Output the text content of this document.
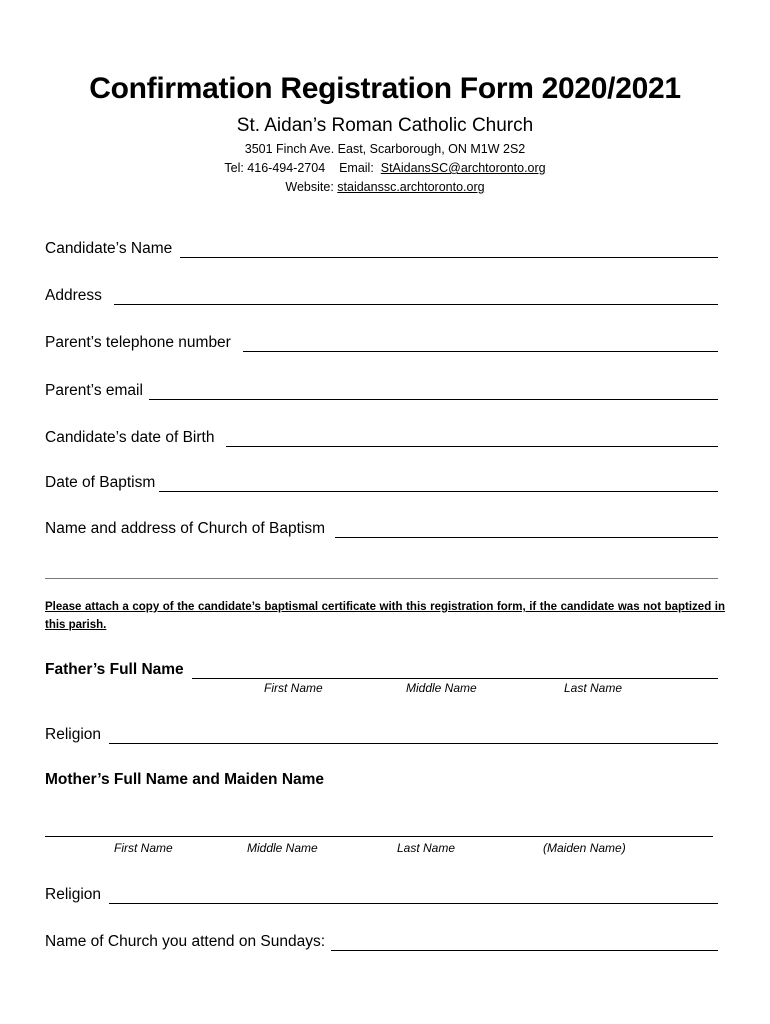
Confirmation Registration Form 2020/2021
St. Aidan’s Roman Catholic Church
3501 Finch Ave. East, Scarborough, ON M1W 2S2
Tel: 416-494-2704 Email: StAidansSC@archtoronto.org
Website: staidanssc.archtoronto.org
Candidate’s Name
Address
Parent’s telephone number
Parent’s email
Candidate’s date of Birth
Date of Baptism
Name and address of Church of Baptism
Please attach a copy of the candidate’s baptismal certificate with this registration form, if the candidate was not baptized in this parish.
Father’s Full Name
First Name	Middle Name	Last Name
Religion
Mother’s Full Name and Maiden Name
First Name	Middle Name	Last Name	(Maiden Name)
Religion
Name of Church you attend on Sundays:
